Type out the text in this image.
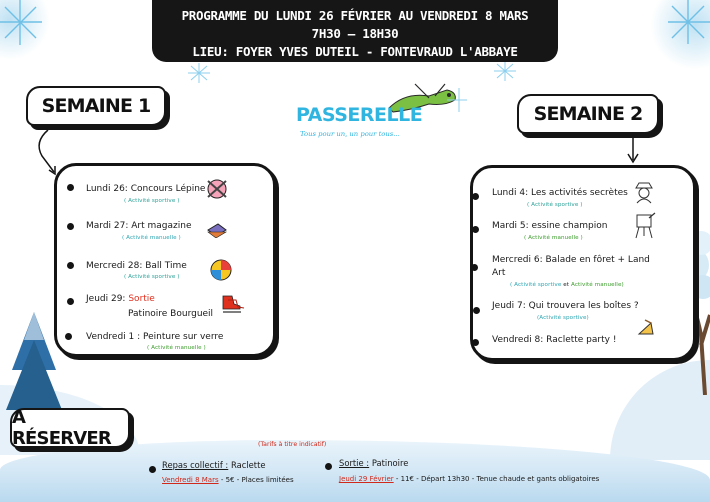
PROGRAMME DU LUNDI 26 FÉVRIER AU VENDREDI 8 MARS
7H30 – 18H30
LIEU: FOYER YVES DUTEIL - FONTEVRAUD L'ABBAYE
PASSERELLE
Tous pour un, un pour tous...
SEMAINE 1	SEMAINE 2
Lundi 26: Concours Lépine
( Activité sportive )
Mardi 27: Art magazine
( Activité manuelle )
Mercredi 28: Ball Time
( Activité sportive )
Jeudi 29: Sortie
Patinoire Bourgueil
Vendredi 1 : Peinture sur verre
( Activité manuelle )
Lundi 4: Les activités secrètes
( Activité sportive )
Mardi 5: essine champion
( Activité manuelle )
Mercredi 6: Balade en fôret + Land
Art
( Activité sportive et Activité manuelle)
Jeudi 7: Qui trouvera les boîtes ?
(Activité sportive)
Vendredi 8: Raclette party !
A RÉSERVER	(Tarifs à titre indicatif)
Repas collectif : Raclette
Vendredi 8 Mars - 5€ - Places limitées
Sortie : Patinoire
Jeudi 29 Février - 11€ - Départ 13h30 - Tenue chaude et gants obligatoires
